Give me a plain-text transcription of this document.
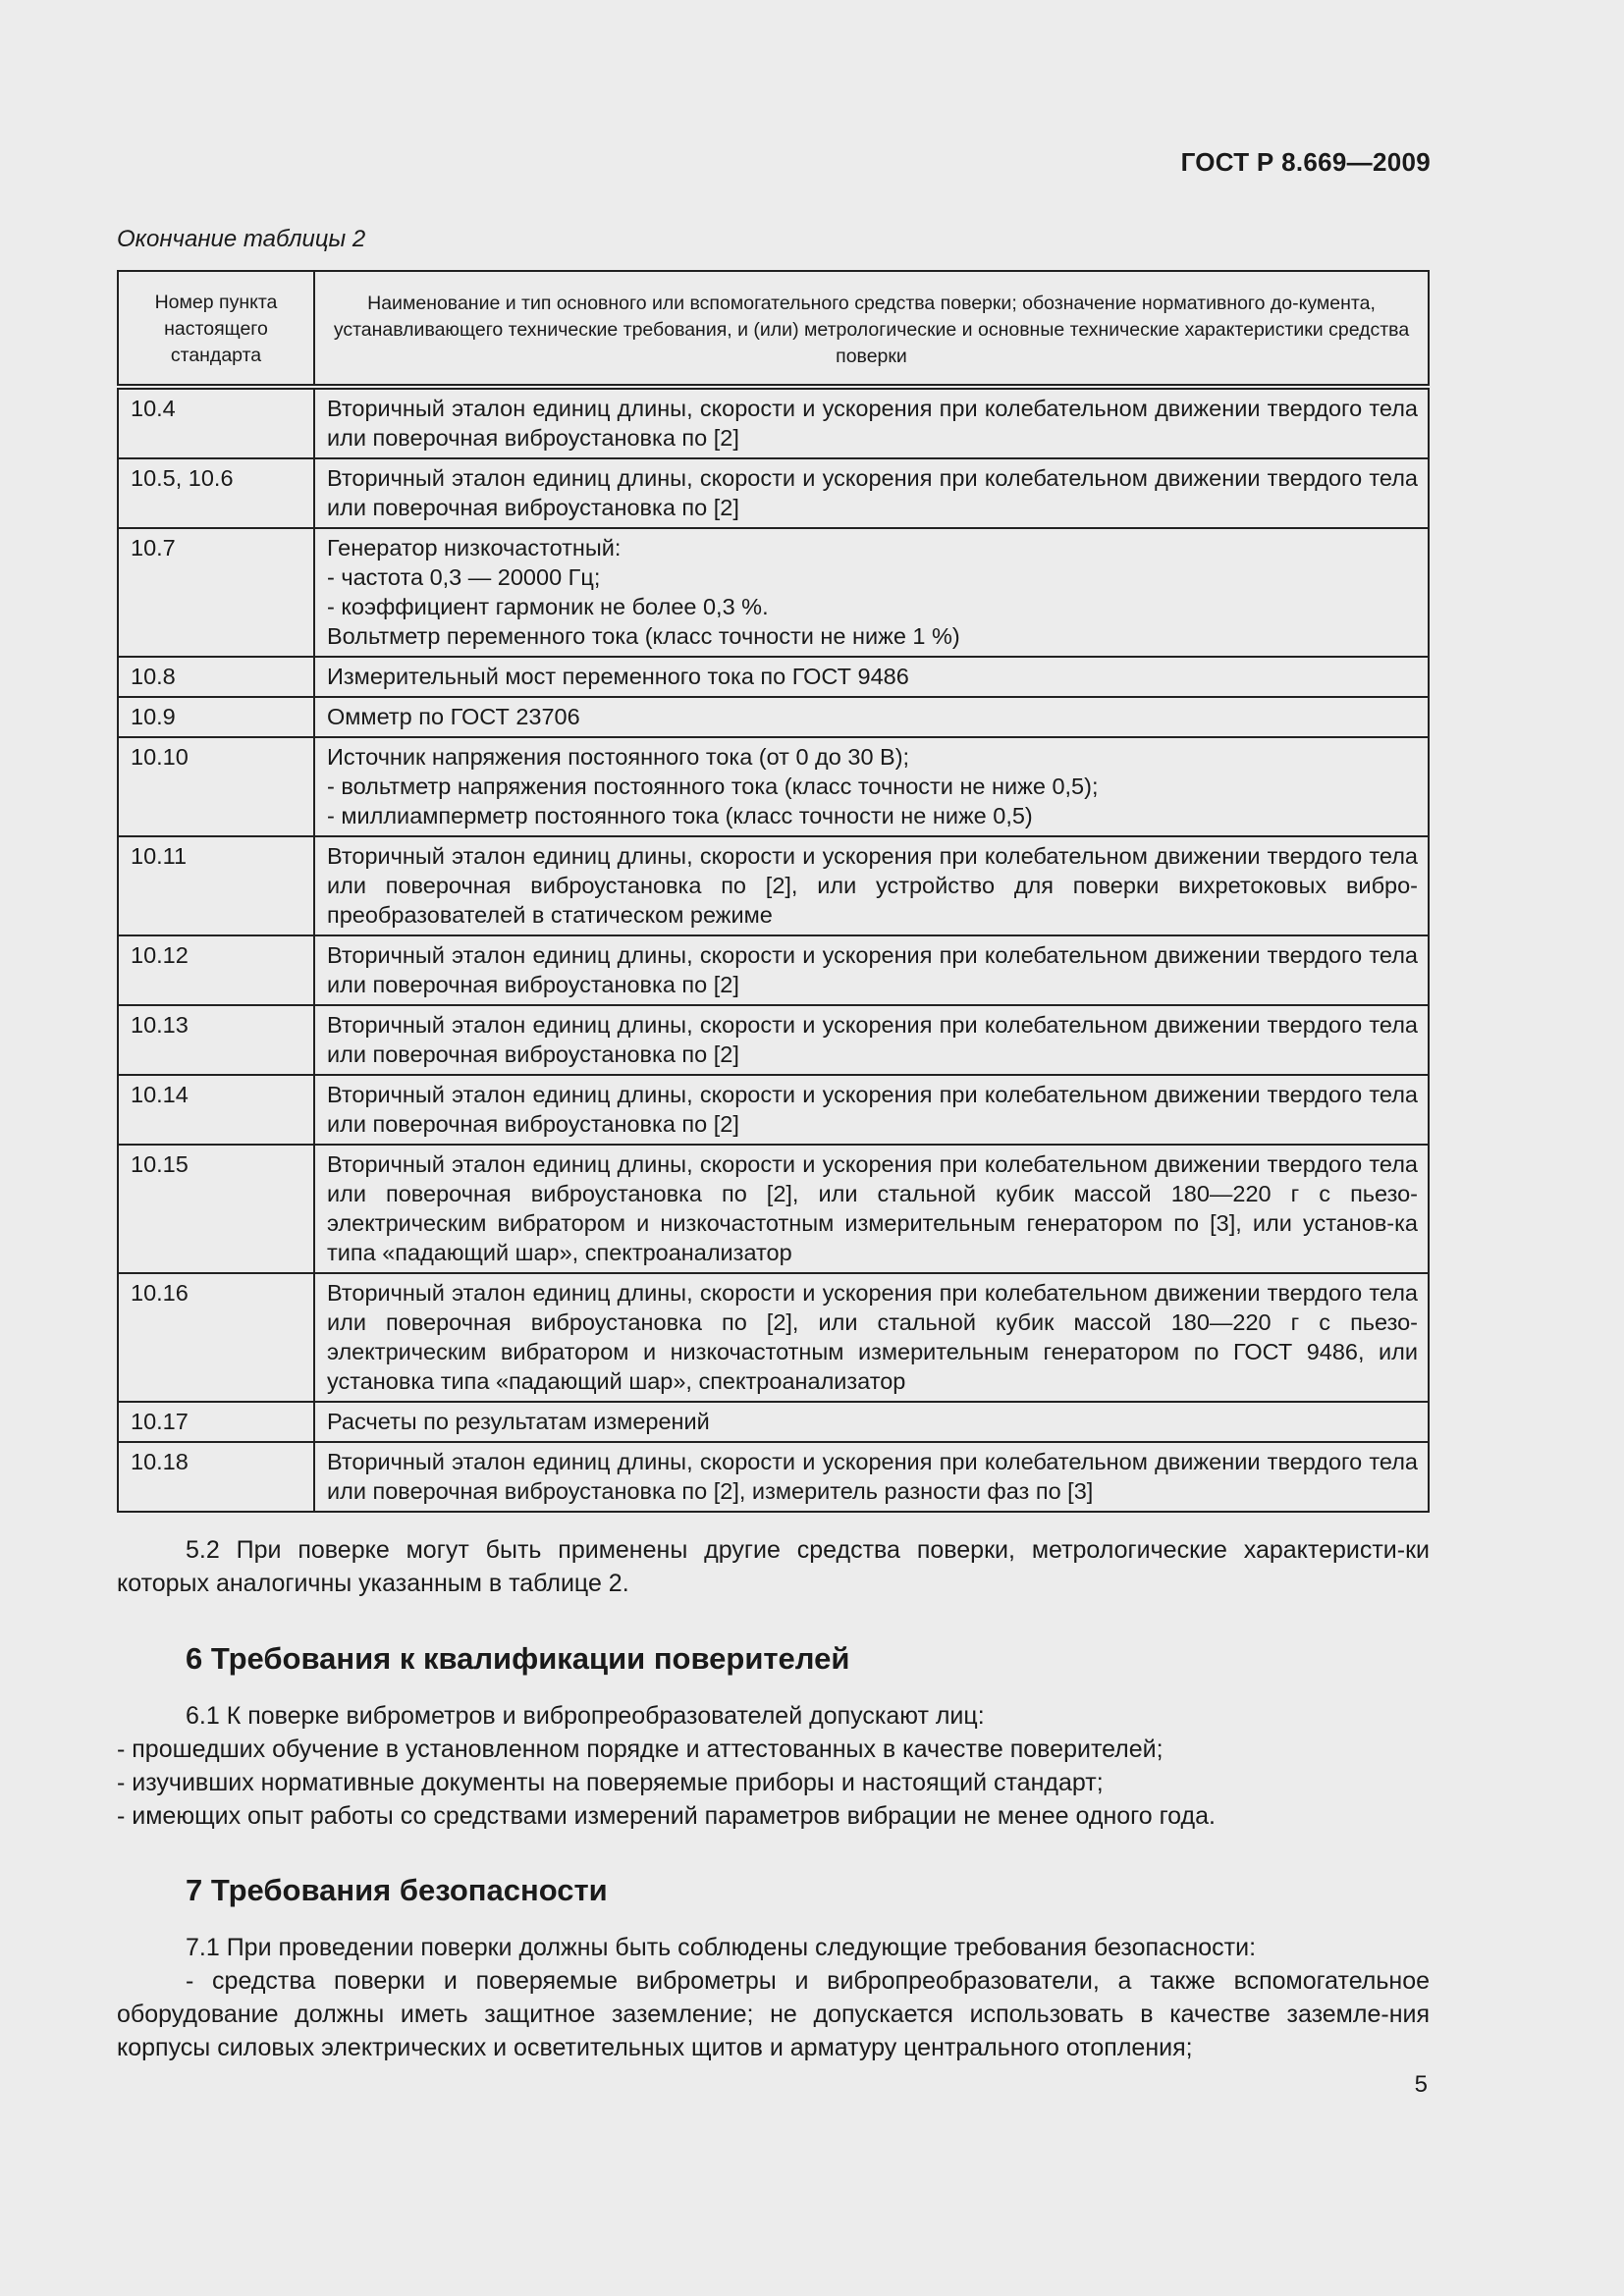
ГОСТ Р 8.669—2009
Окончание таблицы 2
Номер пункта настоящего стандарта	Наименование и тип основного или вспомогательного средства поверки; обозначение нормативного до-кумента, устанавливающего технические требования, и (или) метрологические и основные технические характеристики средства поверки
10.4	Вторичный эталон единиц длины, скорости и ускорения при колебательном движении твердого тела или поверочная виброустановка по [2]

10.5, 10.6	Вторичный эталон единиц длины, скорости и ускорения при колебательном движении твердого тела или поверочная виброустановка по [2]

10.7	Генератор низкочастотный:
- частота 0,3 — 20000 Гц;
- коэффициент гармоник не более 0,3 %.
Вольтметр переменного тока (класс точности не ниже 1 %)

10.8	Измерительный мост переменного тока по ГОСТ 9486

10.9	Омметр по ГОСТ 23706

10.10	Источник напряжения постоянного тока (от 0 до 30 В);
- вольтметр напряжения постоянного тока (класс точности не ниже 0,5);
- миллиамперметр постоянного тока (класс точности не ниже 0,5)

10.11	Вторичный эталон единиц длины, скорости и ускорения при колебательном движении твердого тела или поверочная виброустановка по [2], или устройство для поверки вихретоковых вибро-преобразователей в статическом режиме

10.12	Вторичный эталон единиц длины, скорости и ускорения при колебательном движении твердого тела или поверочная виброустановка по [2]

10.13	Вторичный эталон единиц длины, скорости и ускорения при колебательном движении твердого тела или поверочная виброустановка по [2]

10.14	Вторичный эталон единиц длины, скорости и ускорения при колебательном движении твердого тела или поверочная виброустановка по [2]

10.15	Вторичный эталон единиц длины, скорости и ускорения при колебательном движении твердого тела или поверочная виброустановка по [2], или стальной кубик массой 180—220 г с пьезо-электрическим вибратором и низкочастотным измерительным генератором по [3], или установ-ка типа «падающий шар», спектроанализатор

10.16	Вторичный эталон единиц длины, скорости и ускорения при колебательном движении твердого тела или поверочная виброустановка по [2], или стальной кубик массой 180—220 г с пьезо-электрическим вибратором и низкочастотным измерительным генератором по ГОСТ 9486, или установка типа «падающий шар», спектроанализатор

10.17	Расчеты по результатам измерений

10.18	Вторичный эталон единиц длины, скорости и ускорения при колебательном движении твердого тела или поверочная виброустановка по [2], измеритель разности фаз по [3]
5.2 При поверке могут быть применены другие средства поверки, метрологические характеристи-ки которых аналогичны указанным в таблице 2.
6 Требования к квалификации поверителей
6.1 К поверке виброметров и вибропреобразователей допускают лиц:
- прошедших обучение в установленном порядке и аттестованных в качестве поверителей;
- изучивших нормативные документы на поверяемые приборы и настоящий стандарт;
- имеющих опыт работы со средствами измерений параметров вибрации не менее одного года.
7 Требования безопасности
7.1 При проведении поверки должны быть соблюдены следующие требования безопасности:
- средства поверки и поверяемые виброметры и вибропреобразователи, а также вспомогательное оборудование должны иметь защитное заземление; не допускается использовать в качестве заземле-ния корпусы силовых электрических и осветительных щитов и арматуру центрального отопления;
5
